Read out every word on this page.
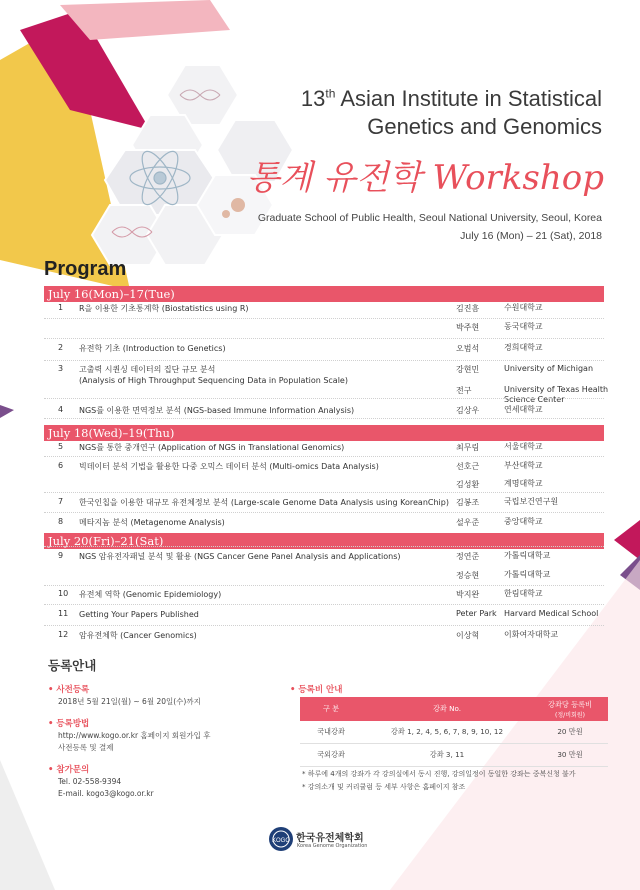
13th Asian Institute in Statistical
Genetics and Genomics
통계 유전학 Workshop
Graduate School of Public Health, Seoul National University, Seoul, Korea
July 16 (Mon) – 21 (Sat), 2018
Program
July 16(Mon)–17(Tue)
July 18(Wed)–19(Thu)
July 20(Fri)–21(Sat)
1	R을 이용한 기초통계학 (Biostatistics using R)	김진흠	수원대학교
박주현	동국대학교
2	유전학 기초 (Introduction to Genetics)	오범석	경희대학교
3	고출력 시퀀싱 데이터의 집단 규모 분석
(Analysis of High Throughput Sequencing Data in Population Scale)
강현민	University of Michigan
전구	University of Texas Health Science Center
4	NGS를 이용한 면역정보 분석 (NGS-based Immune Information Analysis)	김상우	연세대학교
5	NGS를 통한 중개연구 (Application of NGS in Translational Genomics)	최무림	서울대학교
6	빅데이터 분석 기법을 활용한 다중 오믹스 데이터 분석 (Multi-omics Data Analysis)	선호근	부산대학교
김성환	계명대학교
7	한국인칩을 이용한 대규모 유전체정보 분석 (Large-scale Genome Data Analysis using KoreanChip) 김봉조	국립보건연구원
8	메타지놈 분석 (Metagenome Analysis)	설우준	중앙대학교
9	NGS 암유전자패널 분석 및 활용 (NGS Cancer Gene Panel Analysis and Applications)	정연준	가톨릭대학교
정승현	가톨릭대학교
10	유전체 역학 (Genomic Epidemiology)	박지완	한림대학교
11	Getting Your Papers Published	Peter Park Harvard Medical School
12	암유전체학 (Cancer Genomics)	이상혁	이화여자대학교
등록안내
• 사전등록
2018년 5월 21일(월) ~ 6월 20일(수)까지
• 등록방법
http://www.kogo.or.kr 홈페이지 회원가입 후
사전등록 및 결제
• 참가문의
Tel. 02-558-9394
E-mail. kogo3@kogo.or.kr
• 등록비 안내
구 분	강좌 No.	강좌당 등록비
(정/비회원)

국내강좌	강좌 1, 2, 4, 5, 6, 7, 8, 9, 10, 12	20 만원
국외강좌	강좌 3, 11	30 만원
* 하루에 4개의 강좌가 각 강의실에서 동시 진행, 강의일정이 동일한 강좌는 중복신청 불가
* 강의소개 및 커리큘럼 등 세부 사항은 홈페이지 참조
KOGO 한국유전체학회
Korea Genome Organization
